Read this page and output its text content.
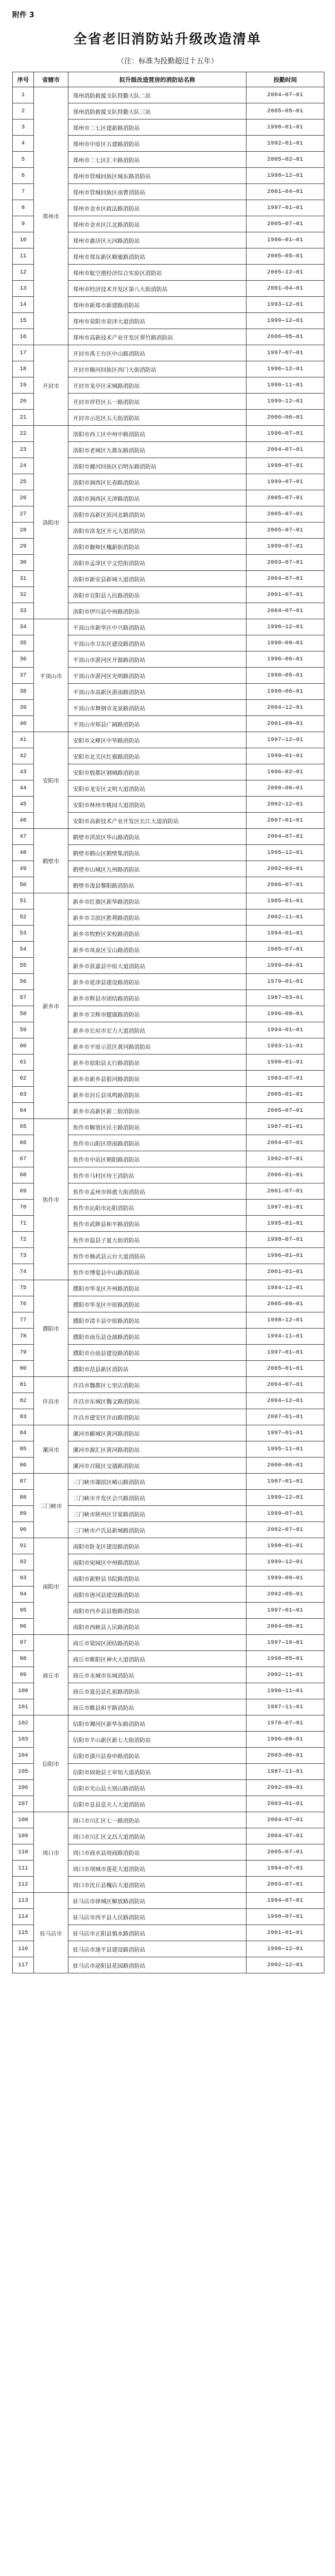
附件 3
全省老旧消防站升级改造清单
（注：标准为投勤超过十五年）
序号	省辖市	拟升级改造营房的消防站名称	投勤时间
1	郑州市	郑州消防救援支队特勤大队二站	2004—07—01
2		郑州消防救援支队特勤大队三站	2005—05—01
3		郑州市二七区建新路消防站	1998—01—01
4		郑州市中原区五建路消防站	1992—01—01
5		郑州市二七区汇丰路消防站	2005—02—01
6		郑州市管城回族区城东路消防站	1998—12—01
7		郑州市管城回族区南曹消防站	2001—04—01
8		郑州市金水区政法路消防站	1997—01—01
9		郑州市金水区江北路消防站	2005—07—01
10		郑州市惠济区天河路消防站	1996—01—01
11		郑州市郑东新区顺驰路消防站	2005—05—01
12		郑州市航空港经济综合实验区消防站	2005—12—01
13		郑州市经济技术开发区第八大街消防站	2001—04—01
14		郑州市新郑市新建路消防站	1993—12—01
15		郑州市荥阳市荥泽大道消防站	1999—12—01
16		郑州市高新技术产业开发区翠竹路消防站	2006—05—01
17	开封市	开封市禹王台区中山路消防站	1997—07—01
18		开封市顺河回族区西门大街消防站	1996—12—01
19		开封市龙亭区宋城路消防站	1998—11—01
20		开封市祥符区五一路消防站	1999—12—01
21		开封市示范区五大街消防站	2006—06—01
22	洛阳市	洛阳市西工区中州中路消防站	1996—07—01
23		洛阳市老城区九都东路消防站	2004—07—01
24		洛阳市瀍河回族区启明东路消防站	1998—07—01
25		洛阳市涧西区长春路消防站	1999—07—01
26		洛阳市涧西区天津路消防站	2005—07—01
27		洛阳市高新区滨河北路消防站	2005—07—01
28		洛阳市洛龙区开元大道消防站	2005—07—01
29		洛阳市偃师区槐新街消防站	1999—07—01
30		洛阳市孟津区宇文恺街消防站	2003—07—01
31		洛阳市新安县新城大道消防站	2004—07—01
32		洛阳市宜阳县人民路消防站	2001—07—01
33		洛阳市伊川县中州路消防站	2004—07—01
34	平顶山市	平顶山市新华区中兴路消防站	1996—12—01
35		平顶山市卫东区建设路消防站	1998—09—01
36		平顶山市湛河区开源路消防站	1996—06—01
37		平顶山市湛河区光明路消防站	1998—05—01
38		平顶山市高新区湛南路消防站	1998—06—01
39		平顶山市舞钢市龙泉路消防站	2004—12—01
40		平顶山市郏县广阔路消防站	2001—09—01
41	安阳市	安阳市文峰区中华路消防站	1997—12—01
42		安阳市北关区红旗路消防站	1999—01—01
43		安阳市殷都区钢城路消防站	1996—02—01
44		安阳市龙安区文明大道消防站	2000—06—01
45		安阳市林州市桃园大道消防站	2002—12—01
46		安阳市高新技术产业开发区长江大道消防站	2007—01—01
47	鹤壁市	鹤壁市淇滨区华山路消防站	2004—07—01
48		鹤壁市鹤山区鹤壁集消防站	1995—12—01
49		鹤壁市山城区九州路消防站	2002—04—01
50		鹤壁市浚县黎阳路消防站	2006—07—01
51	新乡市	新乡市红旗区新华路消防站	1985—01—01
52		新乡市卫滨区胜利路消防站	2002—11—01
53		新乡市牧野区荣校路消防站	1994—01—01
54		新乡市凤泉区宝山路消防站	1985—07—01
55		新乡市获嘉县中原大道消防站	1999—04—01
56		新乡市延津县建设路消防站	1979—01—01
57		新乡市辉县市团结路消防站	1987—03—01
58		新乡市卫辉市健康路消防站	1996—08—01
59		新乡市长垣市宏力大道消防站	1994—01—01
60		新乡市平原示范区黄河路消防站	1993—11—01
61		新乡市原阳县太行路消防站	1998—01—01
62		新乡市新乡县银河路消防站	1983—07—01
63		新乡市封丘县凤鸣路消防站	2005—01—01
64		新乡市高新区新二街消防站	2005—07—01
65	焦作市	焦作市解放区民主路消防站	1987—01—01
66		焦作市山阳区塔南路消防站	2004—07—01
67		焦作市中站区朝阳路消防站	1992—07—01
68		焦作市马村区待王消防站	2006—01—01
69		焦作市孟州市韩愈大街消防站	2001—07—01
70		焦作市沁阳市沁阳消防站	1997—01—01
71		焦作市武陟县和平路消防站	1995—01—01
72		焦作市温县子夏大街消防站	1998—07—01
73		焦作市修武县云台大道消防站	1996—01—01
74		焦作市博爱县中山路消防站	2001—01—01
75	濮阳市	濮阳市华龙区开州路消防站	1994—12—01
76		濮阳市华龙区中原路消防站	2005—09—01
77		濮阳市清丰县中原路消防站	1998—12—01
78		濮阳市南乐县仓颉路消防站	1994—11—01
79		濮阳市台前县建设路消防站	1997—01—01
80		濮阳市范县新区消防站	2005—01—01
81	许昌市	许昌市魏都区七里店消防站	2004—07—01
82		许昌市东城区魏文路消防站	2004—12—01
83		许昌市建安区许由路消防站	2007—01—01
84	漯河市	漯河市郾城区黄河路消防站	1997—01—01
85		漯河市源汇区黄河路消防站	1995—11—01
86		漯河市召陵区交通路消防站	2000—06—01
87	三门峡市	三门峡市湖滨区崤山路消防站	1987—01—01
88		三门峡市开发区会兴路消防站	1999—12—01
89		三门峡市陕州区甘棠路消防站	1999—07—01
90		三门峡市卢氏县新城路消防站	2002—07—01
91	南阳市	南阳市卧龙区建设路消防站	1998—01—01
92		南阳市宛城区中州路消防站	1999—12—01
93		南阳市新野县书院路消防站	1999—09—01
94		南阳市唐河县建设路消防站	2002—05—01
95		南阳市内乡县县衙路消防站	1997—01—01
96		南阳市西峡县人民路消防站	2004—08—01
97	商丘市	商丘市梁园区团结路消防站	1997—10—01
98		商丘市睢阳区神火大道消防站	1998—05—01
99		商丘市永城市东城消防站	2002—11—01
100		商丘市夏邑县孔祖路消防站	1996—11—01
101		商丘市睢县和平路消防站	1997—11—01
102	信阳市	信阳市浉河区新华东路消防站	1978—07—01
103		信阳市羊山新区新七大街消防站	1996—08—01
104		信阳市潢川县春申路消防站	2003—06—01
105		信阳市固始县王审知大道消防站	1987—11—01
106		信阳市光山县大别山路消防站	2002—09—01
107		信阳市息县息夫人大道消防站	2003—01—01
108	周口市	周口市川汇区七一路消防站	2004—07—01
109		周口市川汇区文昌大道消防站	2004—07—01
110		周口市商水县周商路消防站	2005—07—01
111		周口市项城市莲花大道消防站	1994—07—01
112		周口市沈丘县槐店大道消防站	2003—07—01
113	驻马店市	驻马店市驿城区解放路消防站	1994—07—01
114		驻马店市西平县人民路消防站	1998—07—01
115		驻马店市正阳县慎水路消防站	2001—01—01
116		驻马店市遂平县建设路消防站	1996—12—01
117		驻马店市泌阳县花园路消防站	2002—12—01
